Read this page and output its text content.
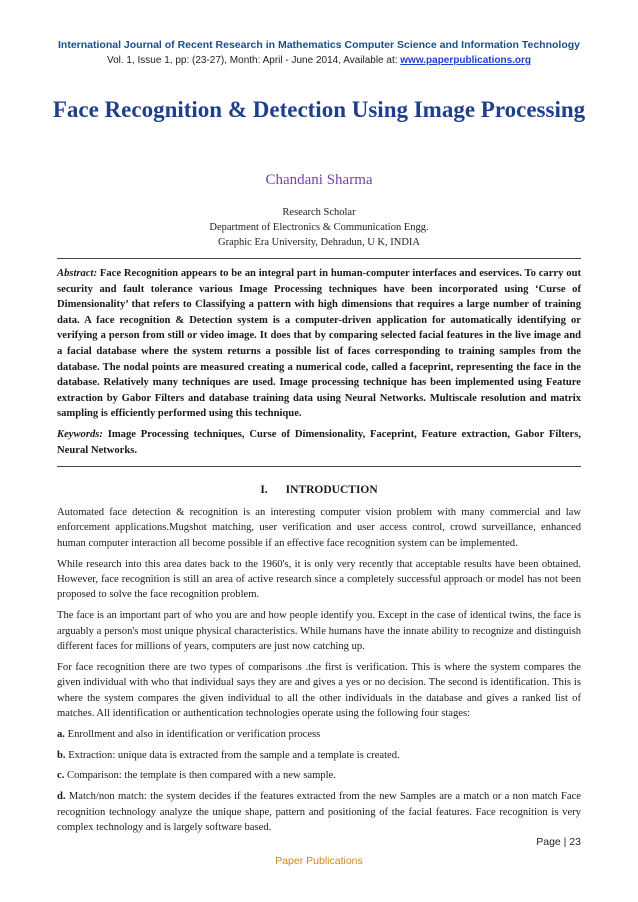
International Journal of Recent Research in Mathematics Computer Science and Information Technology
Vol. 1, Issue 1, pp: (23-27), Month: April - June 2014, Available at: www.paperpublications.org
Face Recognition & Detection Using Image Processing
Chandani Sharma
Research Scholar
Department of Electronics & Communication Engg.
Graphic Era University, Dehradun, U K, INDIA
Abstract: Face Recognition appears to be an integral part in human-computer interfaces and eservices. To carry out security and fault tolerance various Image Processing techniques have been incorporated using ‘Curse of Dimensionality’ that refers to Classifying a pattern with high dimensions that requires a large number of training data. A face recognition & Detection system is a computer-driven application for automatically identifying or verifying a person from still or video image. It does that by comparing selected facial features in the live image and a facial database where the system returns a possible list of faces corresponding to training samples from the database. The nodal points are measured creating a numerical code, called a faceprint, representing the face in the database. Relatively many techniques are used. Image processing technique has been implemented using Feature extraction by Gabor Filters and database training data using Neural Networks. Multiscale resolution and matrix sampling is efficiently performed using this technique.
Keywords: Image Processing techniques, Curse of Dimensionality, Faceprint, Feature extraction, Gabor Filters, Neural Networks.
I. INTRODUCTION

Automated face detection & recognition is an interesting computer vision problem with many commercial and law enforcement applications.Mugshot matching, user verification and user access control, crowd surveillance, enhanced human computer interaction all become possible if an effective face recognition system can be implemented.

While research into this area dates back to the 1960's, it is only very recently that acceptable results have been obtained. However, face recognition is still an area of active research since a completely successful approach or model has not been proposed to solve the face recognition problem.

The face is an important part of who you are and how people identify you. Except in the case of identical twins, the face is arguably a person's most unique physical characteristics. While humans have the innate ability to recognize and distinguish different faces for millions of years, computers are just now catching up.

For face recognition there are two types of comparisons .the first is verification. This is where the system compares the given individual with who that individual says they are and gives a yes or no decision. The second is identification. This is where the system compares the given individual to all the other individuals in the database and gives a ranked list of matches. All identification or authentication technologies operate using the following four stages:

a. Enrollment and also in identification or verification process

b. Extraction: unique data is extracted from the sample and a template is created.

c. Comparison: the template is then compared with a new sample.

d. Match/non match: the system decides if the features extracted from the new Samples are a match or a non match Face recognition technology analyze the unique shape, pattern and positioning of the facial features. Face recognition is very complex technology and is largely software based.

Page | 23
Paper Publications
